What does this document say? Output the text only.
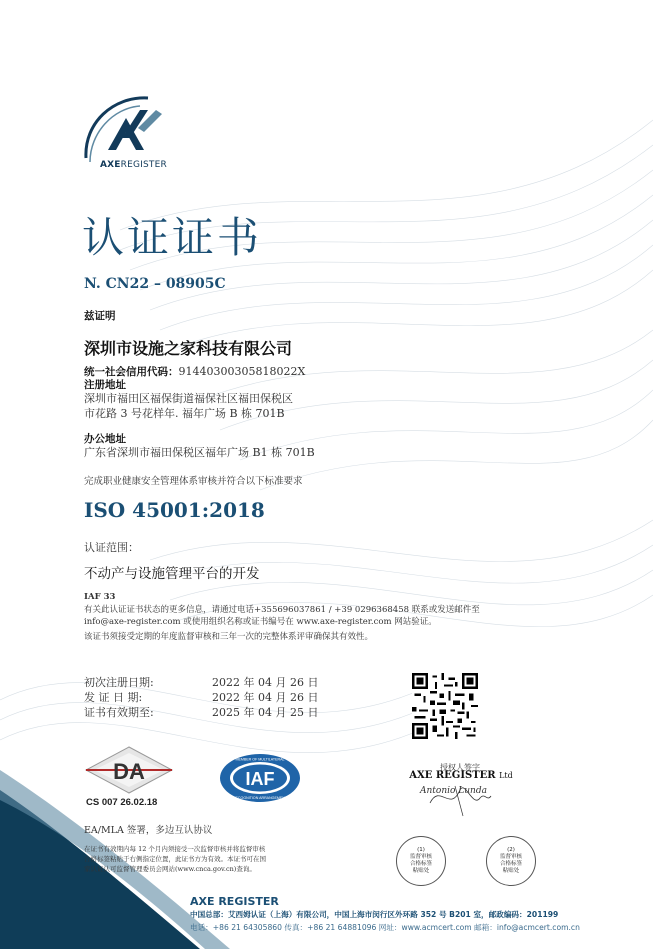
AXEREGISTER
认证证书
N. CN22 – 08905C
兹证明
深圳市设施之家科技有限公司
统一社会信用代码：91440300305818022X
注册地址
深圳市福田区福保街道福保社区福田保税区
市花路 3 号花样年. 福年广场 B 栋 701B
办公地址
广东省深圳市福田保税区福年广场 B1 栋 701B
完成职业健康安全管理体系审核并符合以下标准要求
ISO 45001:2018
认证范围：
不动产与设施管理平台的开发
IAF 33
有关此认证证书状态的更多信息，请通过电话+355696037861 / +39 0296368458 联系或发送邮件至
info@axe-register.com 或使用组织名称或证书编号在 www.axe-register.com 网站验证。
该证书须接受定期的年度监督审核和三年一次的完整体系评审确保其有效性。
初次注册日期:	2022 年 04 月 26 日
发 证 日 期:	2022 年 04 月 26 日
证书有效期至:	2025 年 04 月 25 日
授权人签字
AXE REGISTER Ltd
Antonio Lunda
DA
CS 007 26.02.18
IAF
MEMBER OF MULTILATERAL
RECOGNITION ARRANGEMENT
EA/MLA 签署，多边互认协议
在证书有效期内每 12 个月内须接受一次监督审核并将监督审核
合格标签粘贴于右侧指定位置，此证书方为有效。本证书可在国
家认证认可监督管理委员会网站(www.cnca.gov.cn)查询。
(1)
监督审核
合格标签
粘贴处
(2)
监督审核
合格标签
粘贴处
AXE REGISTER
中国总部：艾西姆认证（上海）有限公司，中国上海市闵行区外环路 352 号 B201 室，邮政编码：201199
电话：+86 21 64305860 传真：+86 21 64881096 网址：www.acmcert.com 邮箱：info@acmcert.com.cn
